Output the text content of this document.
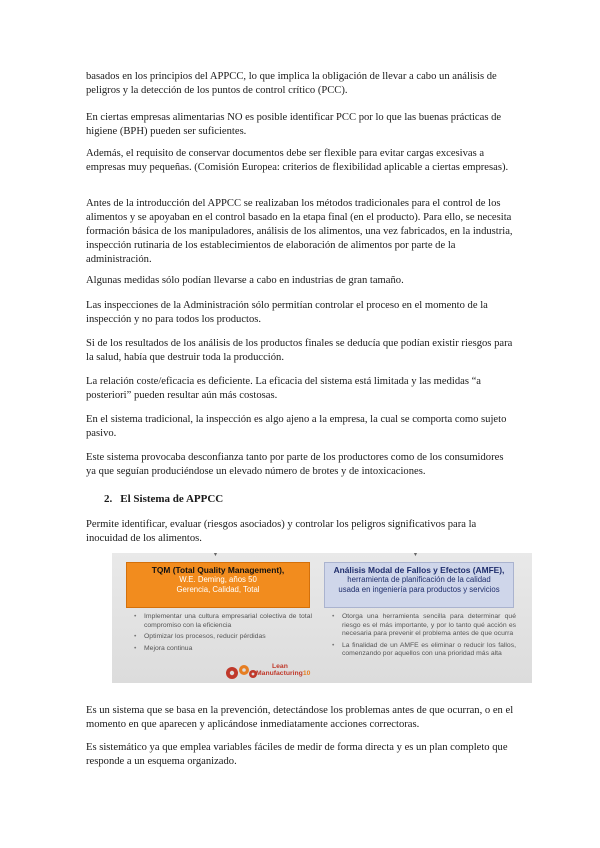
basados en los principios del APPCC, lo que implica la obligación de llevar a cabo un análisis de peligros y la detección de los puntos de control crítico (PCC).

En ciertas empresas alimentarias NO es posible identificar PCC por lo que las buenas prácticas de higiene (BPH) pueden ser suficientes.

Además, el requisito de conservar documentos debe ser flexible para evitar cargas excesivas a empresas muy pequeñas. (Comisión Europea: criterios de flexibilidad aplicable a ciertas empresas).

Antes de la introducción del APPCC se realizaban los métodos tradicionales para el control de los alimentos y se apoyaban en el control basado en la etapa final (en el producto). Para ello, se necesita formación básica de los manipuladores, análisis de los alimentos, una vez fabricados, en la industria, inspección rutinaria de los establecimientos de elaboración de alimentos por parte de la administración.

Algunas medidas sólo podían llevarse a cabo en industrias de gran tamaño.

Las inspecciones de la Administración sólo permitían controlar el proceso en el momento de la inspección y no para todos los productos.

Si de los resultados de los análisis de los productos finales se deducía que podían existir riesgos para la salud, había que destruir toda la producción.

La relación coste/eficacia es deficiente. La eficacia del sistema está limitada y las medidas “a posteriori” pueden resultar aún más costosas.

En el sistema tradicional, la inspección es algo ajeno a la empresa, la cual se comporta como sujeto pasivo.

Este sistema provocaba desconfianza tanto por parte de los productores como de los consumidores ya que seguían produciéndose un elevado número de brotes y de intoxicaciones.

2. El Sistema de APPCC

Permite identificar, evaluar (riesgos asociados) y controlar los peligros significativos para la inocuidad de los alimentos.

▼	▼
TQM (Total Quality Management),
W.E. Deming, años 50
Gerencia, Calidad, Total
Análisis Modal de Fallos y Efectos (AMFE),
herramienta de planificación de la calidad
usada en ingeniería para productos y servicios
• Implementar una cultura empresarial colectiva de total compromiso con la eficiencia
• Optimizar los procesos, reducir pérdidas
• Mejora continua
• Otorga una herramienta sencilla para determinar qué riesgo es el más importante, y por lo tanto qué acción es necesaria para prevenir el problema antes de que ocurra
• La finalidad de un AMFE es eliminar o reducir los fallos, comenzando por aquellos con una prioridad más alta
Lean
Manufacturing10

Es un sistema que se basa en la prevención, detectándose los problemas antes de que ocurran, o en el momento en que aparecen y aplicándose inmediatamente acciones correctoras.

Es sistemático ya que emplea variables fáciles de medir de forma directa y es un plan completo que responde a un esquema organizado.
